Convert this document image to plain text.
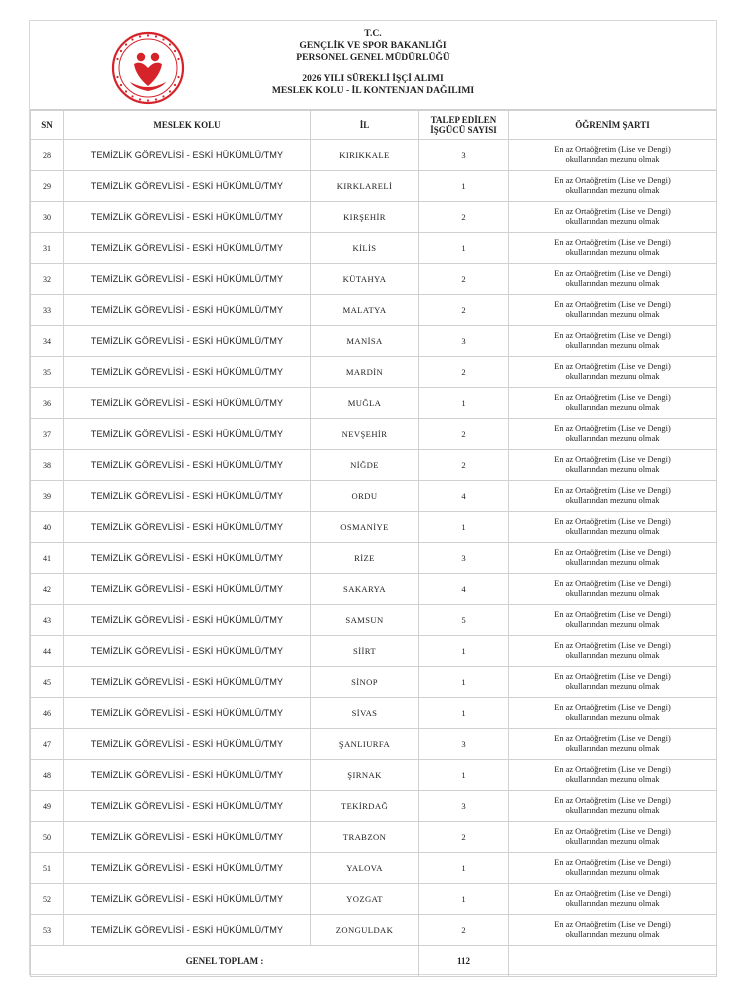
T.C.
GENÇLİK VE SPOR BAKANLIĞI
PERSONEL GENEL MÜDÜRLÜĞÜ
2026 YILI SÜREKLİ İŞÇİ ALIMI
MESLEK KOLU - İL KONTENJAN DAĞILIMI
SN	MESLEK KOLU	İL	TALEP EDİLEN
İŞGÜCÜ SAYISI	ÖĞRENİM ŞARTI
28	TEMİZLİK GÖREVLİSİ - ESKİ HÜKÜMLÜ/TMY	KIRIKKALE	3	En az Ortaöğretim (Lise ve Dengi)
okullarından mezunu olmak

29	TEMİZLİK GÖREVLİSİ - ESKİ HÜKÜMLÜ/TMY	KIRKLARELİ	1	En az Ortaöğretim (Lise ve Dengi)
okullarından mezunu olmak

30	TEMİZLİK GÖREVLİSİ - ESKİ HÜKÜMLÜ/TMY	KIRŞEHİR	2	En az Ortaöğretim (Lise ve Dengi)
okullarından mezunu olmak

31	TEMİZLİK GÖREVLİSİ - ESKİ HÜKÜMLÜ/TMY	KİLİS	1	En az Ortaöğretim (Lise ve Dengi)
okullarından mezunu olmak

32	TEMİZLİK GÖREVLİSİ - ESKİ HÜKÜMLÜ/TMY	KÜTAHYA	2	En az Ortaöğretim (Lise ve Dengi)
okullarından mezunu olmak

33	TEMİZLİK GÖREVLİSİ - ESKİ HÜKÜMLÜ/TMY	MALATYA	2	En az Ortaöğretim (Lise ve Dengi)
okullarından mezunu olmak

34	TEMİZLİK GÖREVLİSİ - ESKİ HÜKÜMLÜ/TMY	MANİSA	3	En az Ortaöğretim (Lise ve Dengi)
okullarından mezunu olmak

35	TEMİZLİK GÖREVLİSİ - ESKİ HÜKÜMLÜ/TMY	MARDİN	2	En az Ortaöğretim (Lise ve Dengi)
okullarından mezunu olmak

36	TEMİZLİK GÖREVLİSİ - ESKİ HÜKÜMLÜ/TMY	MUĞLA	1	En az Ortaöğretim (Lise ve Dengi)
okullarından mezunu olmak

37	TEMİZLİK GÖREVLİSİ - ESKİ HÜKÜMLÜ/TMY	NEVŞEHİR	2	En az Ortaöğretim (Lise ve Dengi)
okullarından mezunu olmak

38	TEMİZLİK GÖREVLİSİ - ESKİ HÜKÜMLÜ/TMY	NİĞDE	2	En az Ortaöğretim (Lise ve Dengi)
okullarından mezunu olmak

39	TEMİZLİK GÖREVLİSİ - ESKİ HÜKÜMLÜ/TMY	ORDU	4	En az Ortaöğretim (Lise ve Dengi)
okullarından mezunu olmak

40	TEMİZLİK GÖREVLİSİ - ESKİ HÜKÜMLÜ/TMY	OSMANİYE	1	En az Ortaöğretim (Lise ve Dengi)
okullarından mezunu olmak

41	TEMİZLİK GÖREVLİSİ - ESKİ HÜKÜMLÜ/TMY	RİZE	3	En az Ortaöğretim (Lise ve Dengi)
okullarından mezunu olmak

42	TEMİZLİK GÖREVLİSİ - ESKİ HÜKÜMLÜ/TMY	SAKARYA	4	En az Ortaöğretim (Lise ve Dengi)
okullarından mezunu olmak

43	TEMİZLİK GÖREVLİSİ - ESKİ HÜKÜMLÜ/TMY	SAMSUN	5	En az Ortaöğretim (Lise ve Dengi)
okullarından mezunu olmak

44	TEMİZLİK GÖREVLİSİ - ESKİ HÜKÜMLÜ/TMY	SİİRT	1	En az Ortaöğretim (Lise ve Dengi)
okullarından mezunu olmak

45	TEMİZLİK GÖREVLİSİ - ESKİ HÜKÜMLÜ/TMY	SİNOP	1	En az Ortaöğretim (Lise ve Dengi)
okullarından mezunu olmak

46	TEMİZLİK GÖREVLİSİ - ESKİ HÜKÜMLÜ/TMY	SİVAS	1	En az Ortaöğretim (Lise ve Dengi)
okullarından mezunu olmak

47	TEMİZLİK GÖREVLİSİ - ESKİ HÜKÜMLÜ/TMY	ŞANLIURFA	3	En az Ortaöğretim (Lise ve Dengi)
okullarından mezunu olmak

48	TEMİZLİK GÖREVLİSİ - ESKİ HÜKÜMLÜ/TMY	ŞIRNAK	1	En az Ortaöğretim (Lise ve Dengi)
okullarından mezunu olmak

49	TEMİZLİK GÖREVLİSİ - ESKİ HÜKÜMLÜ/TMY	TEKİRDAĞ	3	En az Ortaöğretim (Lise ve Dengi)
okullarından mezunu olmak

50	TEMİZLİK GÖREVLİSİ - ESKİ HÜKÜMLÜ/TMY	TRABZON	2	En az Ortaöğretim (Lise ve Dengi)
okullarından mezunu olmak

51	TEMİZLİK GÖREVLİSİ - ESKİ HÜKÜMLÜ/TMY	YALOVA	1	En az Ortaöğretim (Lise ve Dengi)
okullarından mezunu olmak

52	TEMİZLİK GÖREVLİSİ - ESKİ HÜKÜMLÜ/TMY	YOZGAT	1	En az Ortaöğretim (Lise ve Dengi)
okullarından mezunu olmak

53	TEMİZLİK GÖREVLİSİ - ESKİ HÜKÜMLÜ/TMY	ZONGULDAK	2	En az Ortaöğretim (Lise ve Dengi)
okullarından mezunu olmak

GENEL TOPLAM :			112	
